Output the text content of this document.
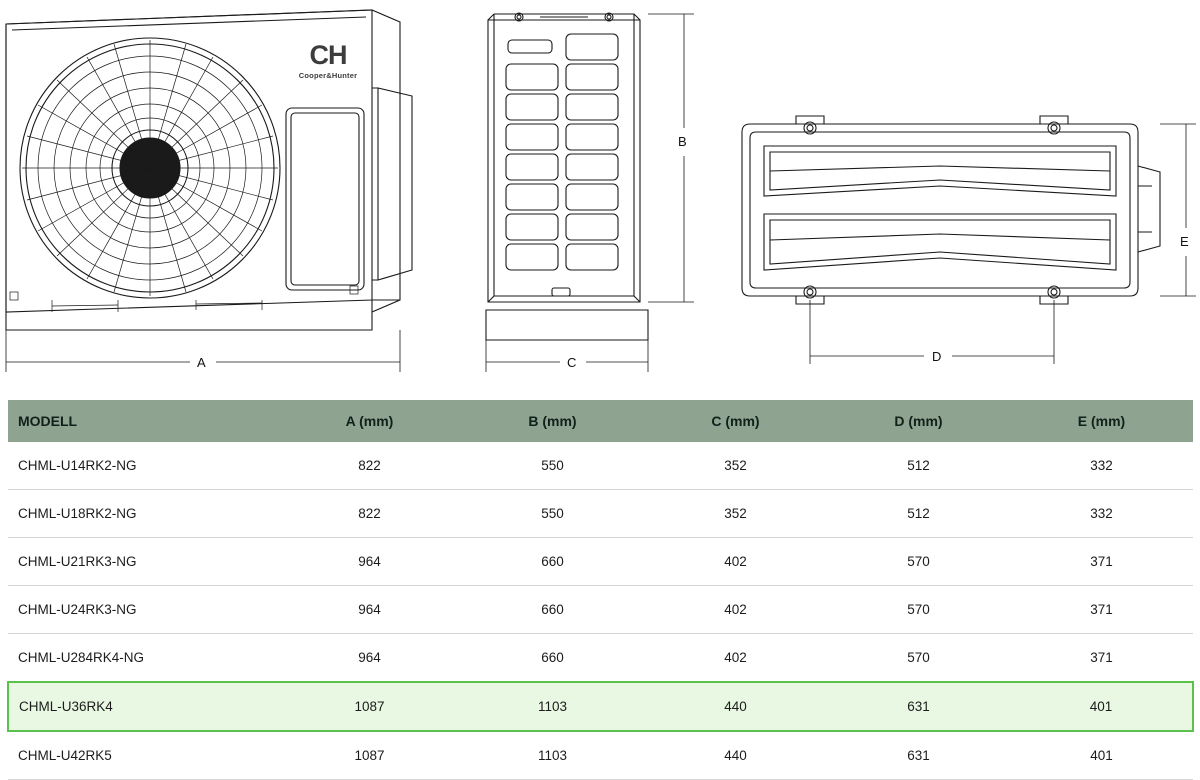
CH
Cooper&Hunter
A
B
C	D
E
MODELL	A (mm)	B (mm)	C (mm)	D (mm)	E (mm)
CHML-U14RK2-NG	822	550	352	512	332
CHML-U18RK2-NG	822	550	352	512	332
CHML-U21RK3-NG	964	660	402	570	371
CHML-U24RK3-NG	964	660	402	570	371
CHML-U284RK4-NG	964	660	402	570	371
CHML-U36RK4	1087	1103	440	631	401
CHML-U42RK5	1087	1103	440	631	401
